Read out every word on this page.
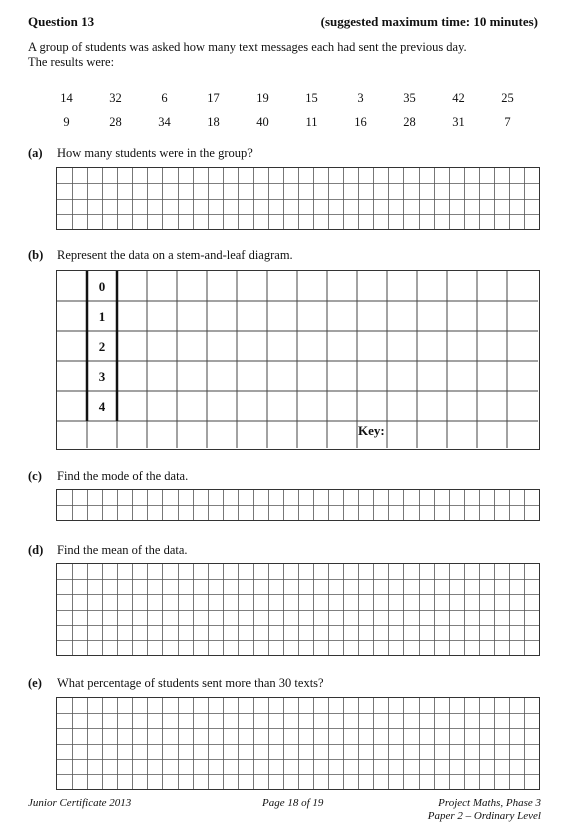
Question 13	(suggested maximum time: 10 minutes)
A group of students was asked how many text messages each had sent the previous day.
The results were:
14	32	6	17	19	15	3	35	42	25
9	28	34	18	40	11	16	28	31	7
(a) How many students were in the group?
(b) Represent the data on a stem-and-leaf diagram.
0
1
2
3
4
Key:
(c) Find the mode of the data.
(d) Find the mean of the data.
(e) What percentage of students sent more than 30 texts?
Junior Certificate 2013	Page 18 of 19	Project Maths, Phase 3
Paper 2 – Ordinary Level
